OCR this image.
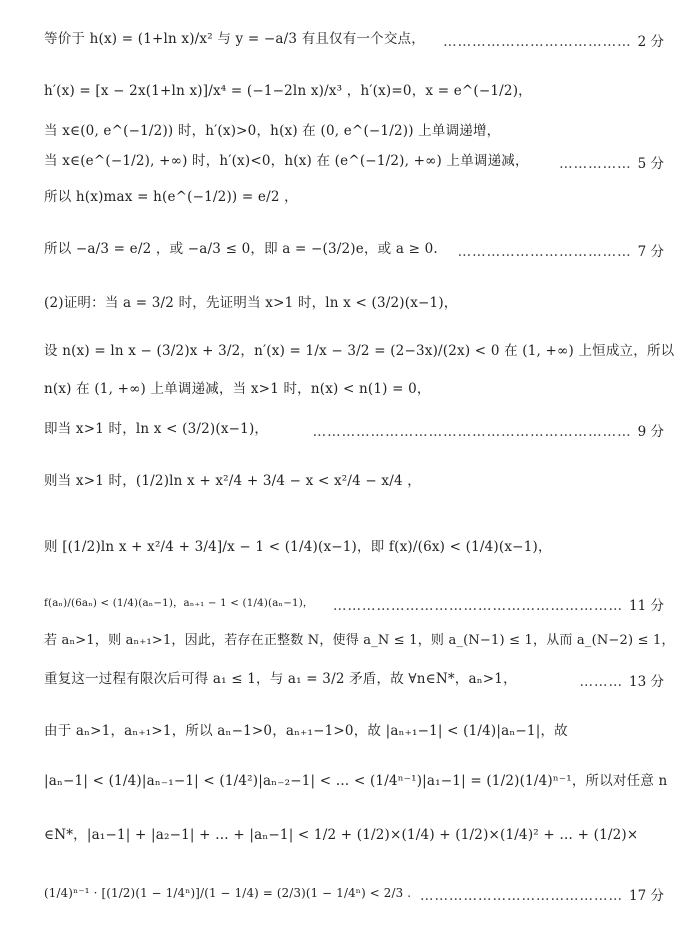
等价于 h(x) = (1+ln x)/x² 与 y = −a/3 有且仅有一个交点， ………………………………… 2 分
h′(x) = [x − 2x(1+ln x)]/x⁴ = (−1−2ln x)/x³ ，h′(x)=0，x = e^(−1/2)，
当 x∈(0, e^(−1/2)) 时，h′(x)>0，h(x) 在 (0, e^(−1/2)) 上单调递增，
当 x∈(e^(−1/2), +∞) 时，h′(x)<0，h(x) 在 (e^(−1/2), +∞) 上单调递减， …………… 5 分
所以 h(x)max = h(e^(−1/2)) = e/2 ，
所以 −a/3 = e/2 ，或 −a/3 ≤ 0，即 a = −(3/2)e，或 a ≥ 0. ……………………………… 7 分
(2)证明：当 a = 3/2 时，先证明当 x>1 时，ln x < (3/2)(x−1)，
设 n(x) = ln x − (3/2)x + 3/2，n′(x) = 1/x − 3/2 = (2−3x)/(2x) < 0 在 (1, +∞) 上恒成立，所以
n(x) 在 (1, +∞) 上单调递减，当 x>1 时，n(x) < n(1) = 0，
即当 x>1 时，ln x < (3/2)(x−1)，	………………………………………………………… 9 分
则当 x>1 时，(1/2)ln x + x²/4 + 3/4 − x < x²/4 − x/4 ，
则 [(1/2)ln x + x²/4 + 3/4]/x − 1 < (1/4)(x−1)，即 f(x)/(6x) < (1/4)(x−1)，
f(aₙ)/(6aₙ) < (1/4)(aₙ−1)，aₙ₊₁ − 1 < (1/4)(aₙ−1)， …………………………………………………… 11 分
若 aₙ>1，则 aₙ₊₁>1，因此，若存在正整数 N，使得 a_N ≤ 1，则 a_(N−1) ≤ 1，从而 a_(N−2) ≤ 1，
重复这一过程有限次后可得 a₁ ≤ 1，与 a₁ = 3/2 矛盾，故 ∀n∈N*，aₙ>1，	……… 13 分
由于 aₙ>1，aₙ₊₁>1，所以 aₙ−1>0，aₙ₊₁−1>0，故 |aₙ₊₁−1| < (1/4)|aₙ−1|，故
|aₙ−1| < (1/4)|aₙ₋₁−1| < (1/4²)|aₙ₋₂−1| < … < (1/4ⁿ⁻¹)|a₁−1| = (1/2)(1/4)ⁿ⁻¹，所以对任意 n
∈N*，|a₁−1| + |a₂−1| + … + |aₙ−1| < 1/2 + (1/2)×(1/4) + (1/2)×(1/4)² + … + (1/2)×
(1/4)ⁿ⁻¹ · [(1/2)(1 − 1/4ⁿ)]/(1 − 1/4) = (2/3)(1 − 1/4ⁿ) < 2/3 . …………………………………… 17 分
